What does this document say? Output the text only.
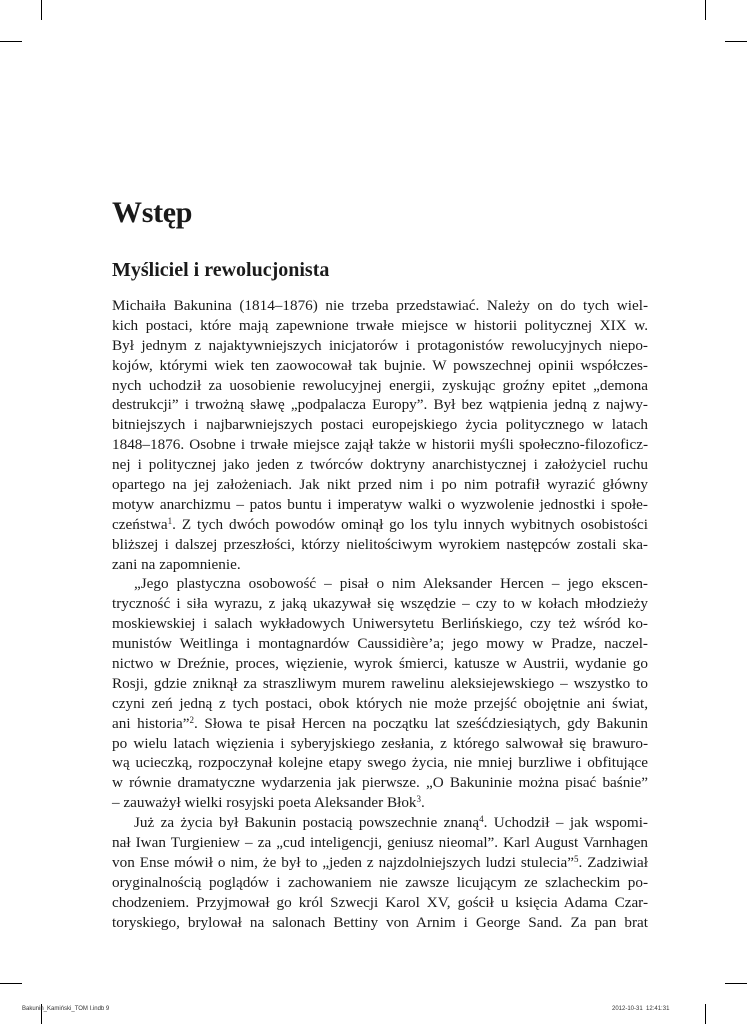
Wstęp
Myśliciel i rewolucjonista
Michaiła Bakunina (1814–1876) nie trzeba przedstawiać. Należy on do tych wiel-
kich postaci, które mają zapewnione trwałe miejsce w historii politycznej XIX w.
Był jednym z najaktywniejszych inicjatorów i protagonistów rewolucyjnych niepo-
kojów, którymi wiek ten zaowocował tak bujnie. W powszechnej opinii współczes-
nych uchodził za uosobienie rewolucyjnej energii, zyskując groźny epitet „demona
destrukcji” i trwożną sławę „podpalacza Europy”. Był bez wątpienia jedną z najwy-
bitniejszych i najbarwniejszych postaci europejskiego życia politycznego w latach
1848–1876. Osobne i trwałe miejsce zajął także w historii myśli społeczno-filozoficz-
nej i politycznej jako jeden z twórców doktryny anarchistycznej i założyciel ruchu
opartego na jej założeniach. Jak nikt przed nim i po nim potrafił wyrazić główny
motyw anarchizmu – patos buntu i imperatyw walki o wyzwolenie jednostki i społe-
czeństwa$^1$. Z tych dwóch powodów ominął go los tylu innych wybitnych osobistości
bliższej i dalszej przeszłości, którzy nielitościwym wyrokiem następców zostali ska-
zani na zapomnienie.
„Jego plastyczna osobowość – pisał o nim Aleksander Hercen – jego ekscen-
tryczność i siła wyrazu, z jaką ukazywał się wszędzie – czy to w kołach młodzieży
moskiewskiej i salach wykładowych Uniwersytetu Berlińskiego, czy też wśród ko-
munistów Weitlinga i montagnardów Caussidière’a; jego mowy w Pradze, naczel-
nictwo w Dreźnie, proces, więzienie, wyrok śmierci, katusze w Austrii, wydanie go
Rosji, gdzie zniknął za straszliwym murem rawelinu aleksiejewskiego – wszystko to
czyni zeń jedną z tych postaci, obok których nie może przejść obojętnie ani świat,
ani historia”$^2$. Słowa te pisał Hercen na początku lat sześćdziesiątych, gdy Bakunin
po wielu latach więzienia i syberyjskiego zesłania, z którego salwował się brawuro-
wą ucieczką, rozpoczynał kolejne etapy swego życia, nie mniej burzliwe i obfitujące
w równie dramatyczne wydarzenia jak pierwsze. „O Bakuninie można pisać baśnie”
– zauważył wielki rosyjski poeta Aleksander Błok$^3$.
Już za życia był Bakunin postacią powszechnie znaną$^4$. Uchodził – jak wspomi-
nał Iwan Turgieniew – za „cud inteligencji, geniusz nieomal”. Karl August Varnhagen
von Ense mówił o nim, że był to „jeden z najzdolniejszych ludzi stulecia”$^5$. Zadziwiał
oryginalnością poglądów i zachowaniem nie zawsze licującym ze szlacheckim po-
chodzeniem. Przyjmował go król Szwecji Karol XV, gościł u księcia Adama Czar-
toryskiego, brylował na salonach Bettiny von Arnim i George Sand. Za pan brat
Bakunin_Kamiński_TOM I.indb 9	2012-10-31 12:41:31
